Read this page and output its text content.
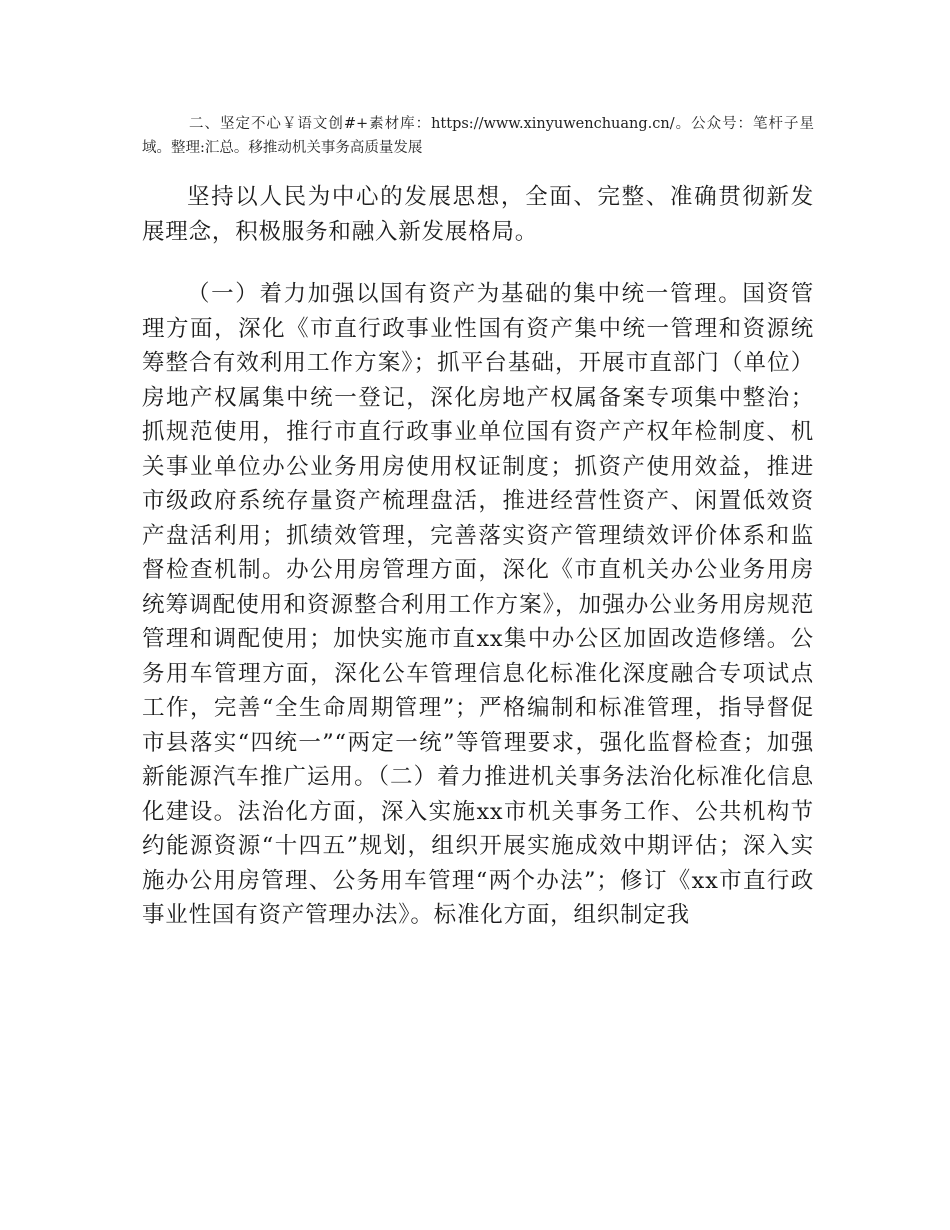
二、坚定不心￥语文创#+素材库：https://www.xinyuwenchuang.cn/。公众号：笔杆子星域。整理:汇总。移推动机关事务高质量发展
坚持以人民为中心的发展思想，全面、完整、准确贯彻新发展理念，积极服务和融入新发展格局。
（一）着力加强以国有资产为基础的集中统一管理。国资管理方面，深化《市直行政事业性国有资产集中统一管理和资源统筹整合有效利用工作方案》；抓平台基础，开展市直部门（单位）房地产权属集中统一登记，深化房地产权属备案专项集中整治；抓规范使用，推行市直行政事业单位国有资产产权年检制度、机关事业单位办公业务用房使用权证制度；抓资产使用效益，推进市级政府系统存量资产梳理盘活，推进经营性资产、闲置低效资产盘活利用；抓绩效管理，完善落实资产管理绩效评价体系和监督检查机制。办公用房管理方面，深化《市直机关办公业务用房统筹调配使用和资源整合利用工作方案》，加强办公业务用房规范管理和调配使用；加快实施市直xx集中办公区加固改造修缮。公务用车管理方面，深化公车管理信息化标准化深度融合专项试点工作，完善“全生命周期管理”；严格编制和标准管理，指导督促市县落实“四统一”“两定一统”等管理要求，强化监督检查；加强新能源汽车推广运用。（二）着力推进机关事务法治化标准化信息化建设。法治化方面，深入实施xx市机关事务工作、公共机构节约能源资源“十四五”规划，组织开展实施成效中期评估；深入实施办公用房管理、公务用车管理“两个办法”；修订《xx市直行政事业性国有资产管理办法》。标准化方面，组织制定我
